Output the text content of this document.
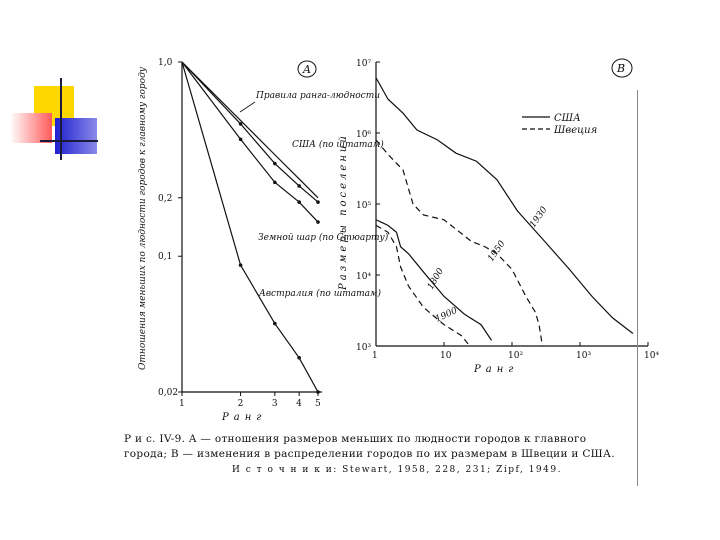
A
Отношения меньших по людности городов к главному городу
Ранг
B
Размеры поселений
Ранг
США
Швеция
Правила ранга-людности
США (по штатам)
Земной шар (по Стюарту)
Австралия (по штатам)
1930
1950
1800
1900
1	2	3 4 5
1,0
0,2
0,1
0,02
1	10	10²	10³	10⁴
10⁷
10⁶
10⁵
10⁴
10³
Р и с. IV-9. A — отношения размеров меньших по людности городов к главного
города; B — изменения в распределении городов по их размерам в Швеции и США.
И с т о ч н и к и: Stewart, 1958, 228, 231; Zipf, 1949.
